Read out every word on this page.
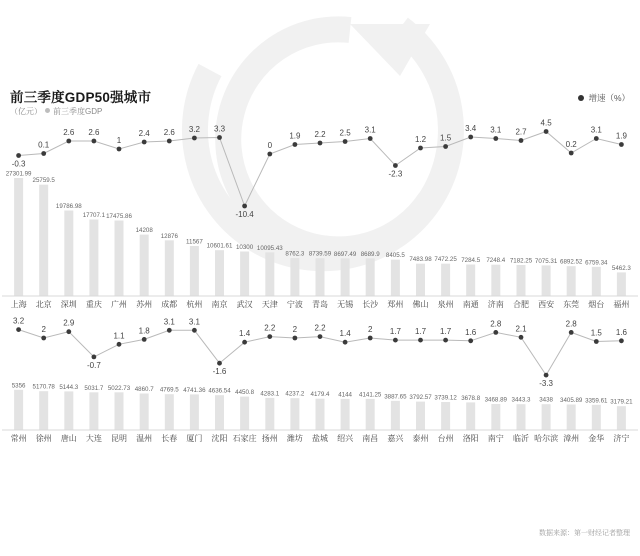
前三季度GDP50强城市
（亿元） 前三季度GDP
增速（%）
27301.99
上海
25759.5
北京
19786.98
深圳
17707.1
重庆
17475.86
广州
14208
苏州
12876
成都
11567
杭州
10601.61
南京
10300
武汉
10095.43
天津
8762.3
宁波
8739.59
青岛
8697.49
无锡
8689.9
长沙
8405.5
郑州
7483.98
佛山
7472.25
泉州
7284.5
南通
7248.4
济南
7182.25
合肥
7075.31
西安
6892.52
东莞
6759.34
烟台
5462.3
福州
-0.3
0.1
2.6 2.6
1
2.4 2.6 3.2 3.3
-10.4
0
1.9 2.2 2.5 3.1
-2.3
1.2 1.5
3.4 3.1 2.7
4.5
0.2
3.1
1.9
5356
常州
5170.78
徐州
5144.3
唐山
5031.7
大连
5022.73
昆明
4860.7
温州
4769.5
长春
4741.36
厦门
4636.54
沈阳
4450.8
石家庄
4283.1
扬州
4237.2
潍坊
4179.4
盐城
4144
绍兴
4141.25
南昌
3887.65
嘉兴
3792.57
泰州
3739.12
台州
3678.8
洛阳
3468.89
南宁
3443.3
临沂
3438
哈尔滨
3405.89
漳州
3359.61
金华
3179.21
济宁
3.2
2
2.9
-0.7
1.1
1.8
3.1 3.1
-1.6
1.4
2.2 2 2.2
1.4 2 1.7 1.7 1.7 1.6
2.8
2.1
-3.3
2.8
1.5 1.6
数据来源：第一财经记者整理
